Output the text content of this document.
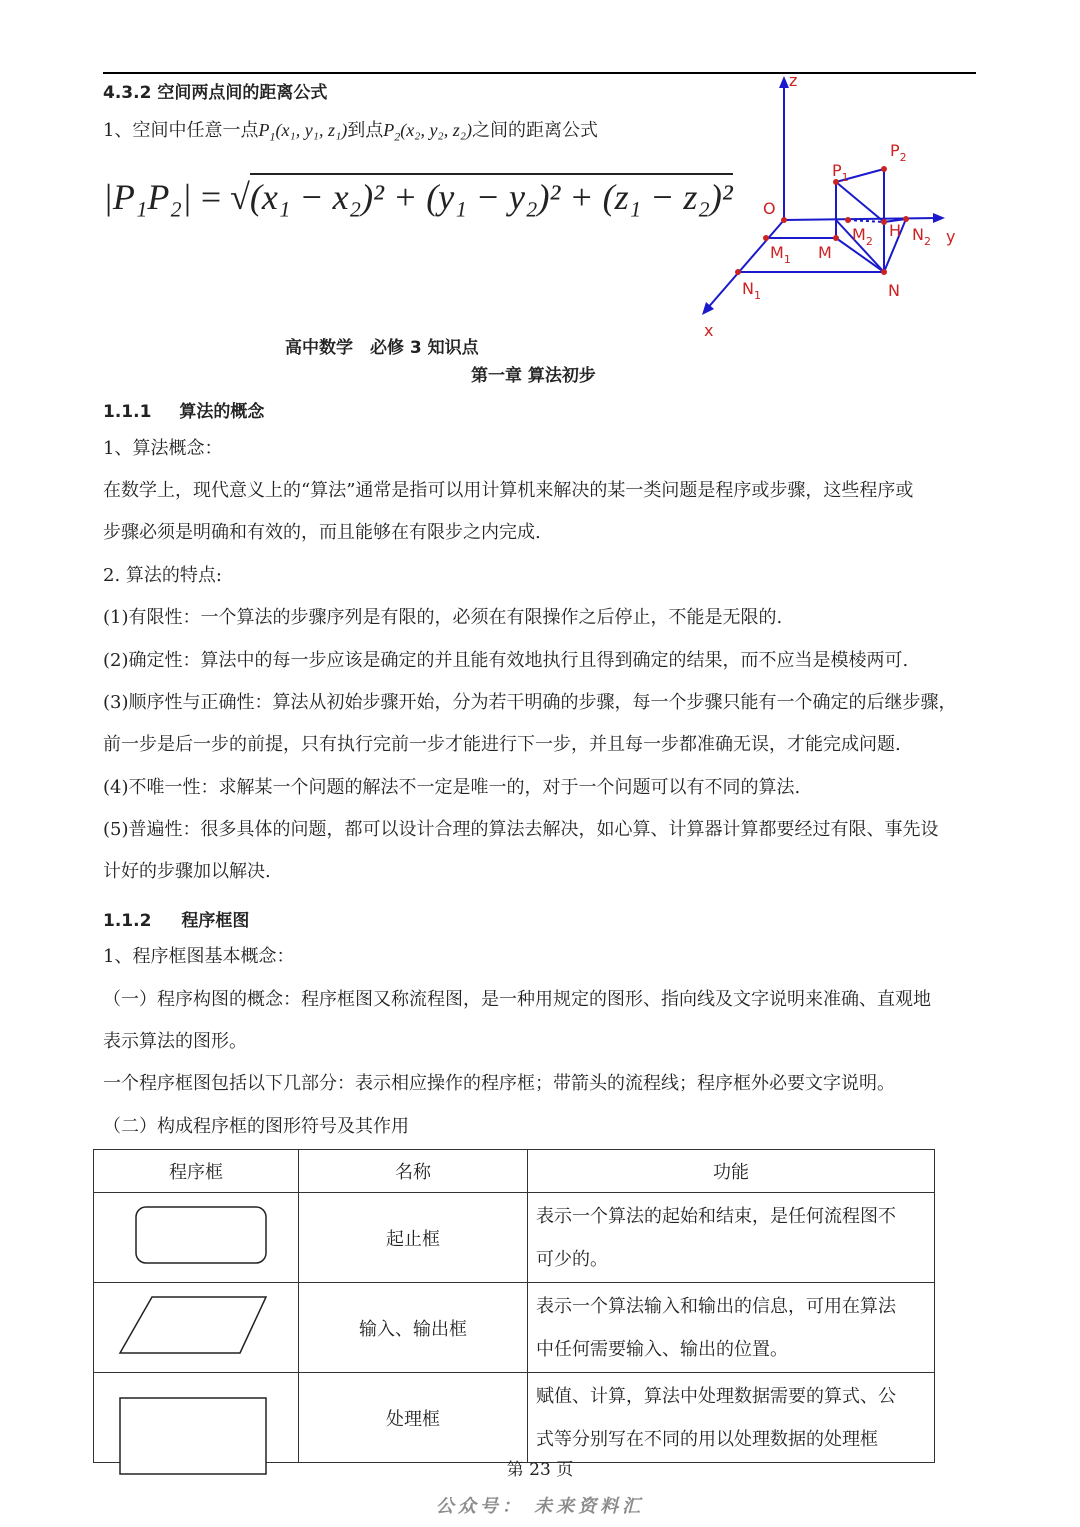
4.3.2 空间两点间的距离公式
1、空间中任意一点$P_1(x_1$, y₁, z₁)到点$P_2(x_2$, y₂, z₂)之间的距离公式
|P₁P₂| = √(x₁ − x₂)² + (y₁ − y₂)² + (z₁ − z₂)²
z
y
x
O
$P_1$
$P_2$
M
$M_1$
$M_2$
H $N_2$
N
$N_1$
高中数学　必修 3 知识点
第一章 算法初步
1.1.1 算法的概念
1、算法概念：
在数学上，现代意义上的“算法”通常是指可以用计算机来解决的某一类问题是程序或步骤，这些程序或
步骤必须是明确和有效的，而且能够在有限步之内完成.
2. 算法的特点:
(1)有限性：一个算法的步骤序列是有限的，必须在有限操作之后停止，不能是无限的.
(2)确定性：算法中的每一步应该是确定的并且能有效地执行且得到确定的结果，而不应当是模棱两可.
(3)顺序性与正确性：算法从初始步骤开始，分为若干明确的步骤，每一个步骤只能有一个确定的后继步骤，
前一步是后一步的前提，只有执行完前一步才能进行下一步，并且每一步都准确无误，才能完成问题.
(4)不唯一性：求解某一个问题的解法不一定是唯一的，对于一个问题可以有不同的算法.
(5)普遍性：很多具体的问题，都可以设计合理的算法去解决，如心算、计算器计算都要经过有限、事先设
计好的步骤加以解决.
1.1.2 程序框图
1、程序框图基本概念：
（一）程序构图的概念：程序框图又称流程图，是一种用规定的图形、指向线及文字说明来准确、直观地
表示算法的图形。
一个程序框图包括以下几部分：表示相应操作的程序框；带箭头的流程线；程序框外必要文字说明。
（二）构成程序框的图形符号及其作用
程序框	名称	功能
	起止框	表示一个算法的起始和结束，是任何流程图不
可少的。

	输入、输出框	表示一个算法输入和输出的信息，可用在算法
中任何需要输入、输出的位置。

	处理框	赋值、计算，算法中处理数据需要的算式、公
式等分别写在不同的用以处理数据的处理框
第 23 页
公众号： 未来资料汇
